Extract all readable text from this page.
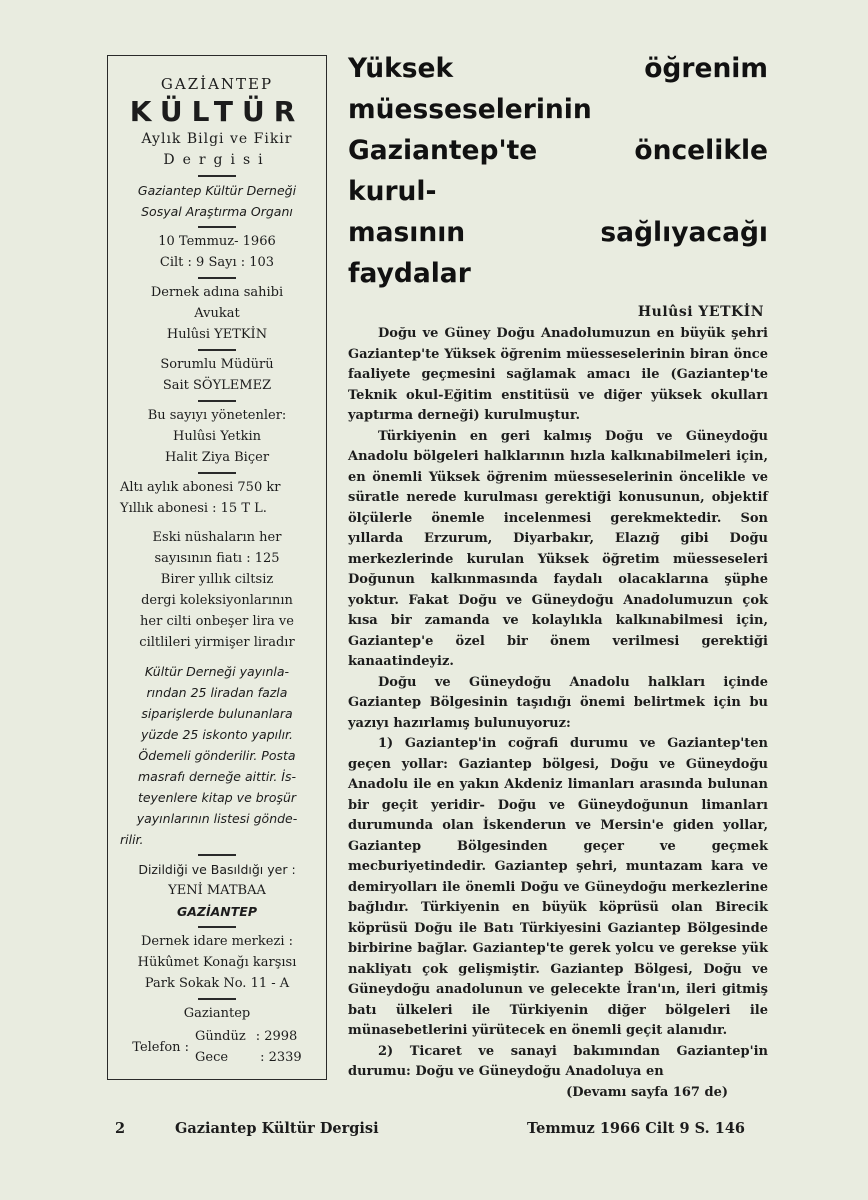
GAZİANTEP
KÜLTÜR
Aylık Bilgi ve Fikir
Dergisi
Gaziantep Kültür Derneği
Sosyal Araştırma Organı
10 Temmuz- 1966
Cilt : 9 Sayı : 103
Dernek adına sahibi
Avukat
Hulûsi YETKİN
Sorumlu Müdürü
Sait SÖYLEMEZ
Bu sayıyı yönetenler:
Hulûsi Yetkin
Halit Ziya Biçer
Altı aylık abonesi 750 kr
Yıllık abonesi : 15 T L.
Eski nüshaların her
sayısının fiatı : 125
Birer yıllık ciltsiz
dergi koleksiyonlarının
her cilti onbeşer lira ve
ciltlileri yirmişer liradır
Kültür Derneği yayınla-
rından 25 liradan fazla
siparişlerde bulunanlara
yüzde 25 iskonto yapılır.
Ödemeli gönderilir. Posta
masrafı derneğe aittir. İs-
teyenlere kitap ve broşür
yayınlarının listesi gönde-
rilir.
Dizildiği ve Basıldığı yer :
YENİ MATBAA
GAZİANTEP
Dernek idare merkezi :
Hükûmet Konağı karşısı
Park Sokak No. 11 - A
Gaziantep
Telefon :
Gündüz : 2998
Gece : 2339
Yüksek öğrenim müesseselerinin
Gaziantep'te öncelikle kurul-
masının sağlıyacağı faydalar
Hulûsi YETKİN

Doğu ve Güney Doğu Anadolumuzun en büyük şehri Gaziantep'te Yüksek öğrenim müesseselerinin biran önce faaliyete geçmesini sağlamak amacı ile (Gaziantep'te Teknik okul-Eğitim enstitüsü ve diğer yüksek okulları yaptırma derneği) kurulmuştur.

Türkiyenin en geri kalmış Doğu ve Güneydoğu Anadolu bölgeleri halklarının hızla kalkınabilmeleri için, en önemli Yüksek öğrenim müesseselerinin öncelikle ve süratle nerede kurulması gerektiği konusunun, objektif ölçülerle önemle incelenmesi gerekmektedir. Son yıllarda Erzurum, Diyarbakır, Elazığ gibi Doğu merkezlerinde kurulan Yüksek öğretim müesseseleri Doğunun kalkınmasında faydalı olacaklarına şüphe yoktur. Fakat Doğu ve Güneydoğu Anadolumuzun çok kısa bir zamanda ve kolaylıkla kalkınabilmesi için, Gaziantep'e özel bir önem verilmesi gerektiği kanaatindeyiz.

Doğu ve Güneydoğu Anadolu halkları içinde Gaziantep Bölgesinin taşıdığı önemi belirtmek için bu yazıyı hazırlamış bulunuyoruz:

1) Gaziantep'in coğrafi durumu ve Gaziantep'ten geçen yollar: Gaziantep bölgesi, Doğu ve Güneydoğu Anadolu ile en yakın Akdeniz limanları arasında bulunan bir geçit yeridir- Doğu ve Güneydoğunun limanları durumunda olan İskenderun ve Mersin'e giden yollar, Gaziantep Bölgesinden geçer ve geçmek mecburiyetindedir. Gaziantep şehri, muntazam kara ve demiryolları ile önemli Doğu ve Güneydoğu merkezlerine bağlıdır. Türkiyenin en büyük köprüsü olan Birecik köprüsü Doğu ile Batı Türkiyesini Gaziantep Bölgesinde birbirine bağlar. Gaziantep'te gerek yolcu ve gerekse yük nakliyatı çok gelişmiştir. Gaziantep Bölgesi, Doğu ve Güneydoğu anadolunun ve gelecekte İran'ın, ileri gitmiş batı ülkeleri ile Türkiyenin diğer bölgeleri ile münasebetlerini yürütecek en önemli geçit alanıdır.

2) Ticaret ve sanayi bakımından Gaziantep'in durumu: Doğu ve Güneydoğu Anadoluya en

(Devamı sayfa 167 de)
2	Gaziantep Kültür Dergisi	Temmuz 1966 Cilt 9 S. 146
